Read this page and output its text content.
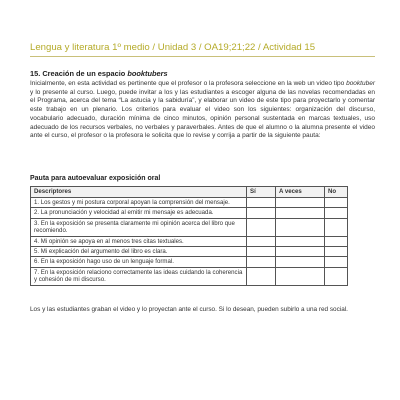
Lengua y literatura 1º medio / Unidad 3 / OA19;21;22 / Actividad 15
15. Creación de un espacio booktubers
Inicialmente, en esta actividad es pertinente que el profesor o la profesora seleccione en la web un video tipo booktuber y lo presente al curso. Luego, puede invitar a los y las estudiantes a escoger alguna de las novelas recomendadas en el Programa, acerca del tema “La astucia y la sabiduría”, y elaborar un video de este tipo para proyectarlo y comentar este trabajo en un plenario. Los criterios para evaluar el video son los siguientes: organización del discurso, vocabulario adecuado, duración mínima de cinco minutos, opinión personal sustentada en marcas textuales, uso adecuado de los recursos verbales, no verbales y paraverbales. Antes de que el alumno o la alumna presente el video ante el curso, el profesor o la profesora le solicita que lo revise y corrija a partir de la siguiente pauta:
Pauta para autoevaluar exposición oral
Descriptores	Sí	A veces	No
1. Los gestos y mi postura corporal apoyan la comprensión del mensaje.			
2. La pronunciación y velocidad al emitir mi mensaje es adecuada.			
3. En la exposición se presenta claramente mi opinión acerca del libro que recomiendo.			
4. Mi opinión se apoya en al menos tres citas textuales.			
5. Mi explicación del argumento del libro es clara.			
6. En la exposición hago uso de un lenguaje formal.			
7. En la exposición relaciono correctamente las ideas cuidando la coherencia y cohesión de mi discurso.			
Los y las estudiantes graban el video y lo proyectan ante el curso. Si lo desean, pueden subirlo a una red social.
